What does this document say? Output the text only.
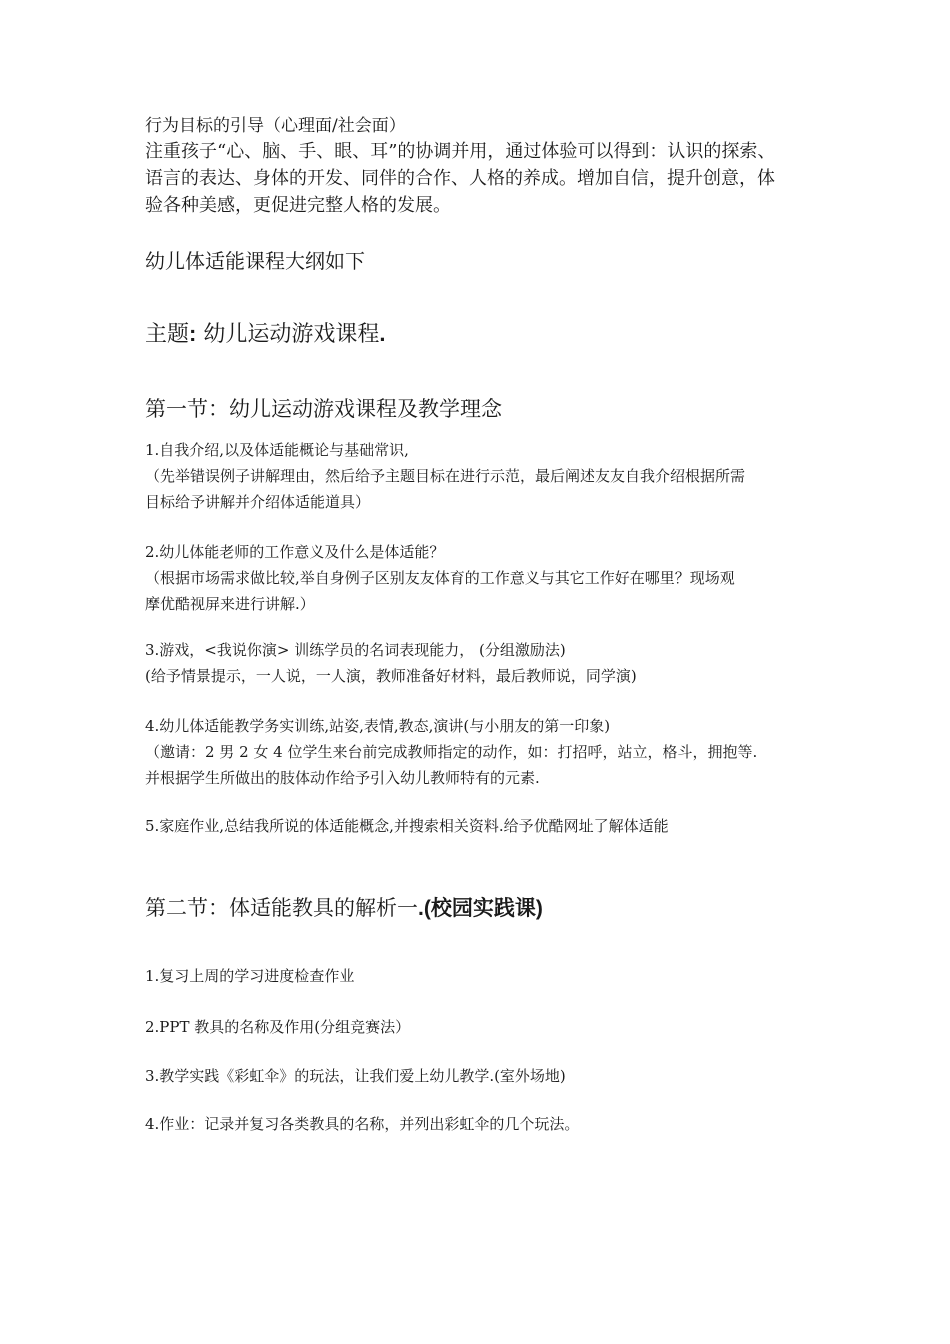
行为目标的引导（心理面/社会面）

注重孩子“心、脑、手、眼、耳”的协调并用，通过体验可以得到：认识的探索、
语言的表达、身体的开发、同伴的合作、人格的养成。增加自信，提升创意，体
验各种美感，更促进完整人格的发展。

幼儿体适能课程大纲如下

主题: 幼儿运动游戏课程.

第一节：幼儿运动游戏课程及教学理念

1.自我介绍,以及体适能概论与基础常识,
（先举错误例子讲解理由，然后给予主题目标在进行示范，最后阐述友友自我介绍根据所需
目标给予讲解并介绍体适能道具）

2.幼儿体能老师的工作意义及什么是体适能？
（根据市场需求做比较,举自身例子区别友友体育的工作意义与其它工作好在哪里？现场观
摩优酷视屏来进行讲解.）

3.游戏，<我说你演> 训练学员的名词表现能力， (分组激励法)
(给予情景提示，一人说，一人演，教师准备好材料，最后教师说，同学演)

4.幼儿体适能教学务实训练,站姿,表情,教态,演讲(与小朋友的第一印象)
（邀请：2 男 2 女 4 位学生来台前完成教师指定的动作，如：打招呼，站立，格斗，拥抱等.
并根据学生所做出的肢体动作给予引入幼儿教师特有的元素.

5.家庭作业,总结我所说的体适能概念,并搜索相关资料.给予优酷网址了解体适能

第二节：体适能教具的解析一.(校园实践课)

1.复习上周的学习进度检查作业

2.PPT 教具的名称及作用(分组竞赛法）

3.教学实践《彩虹伞》的玩法，让我们爱上幼儿教学.(室外场地)

4.作业：记录并复习各类教具的名称，并列出彩虹伞的几个玩法。
